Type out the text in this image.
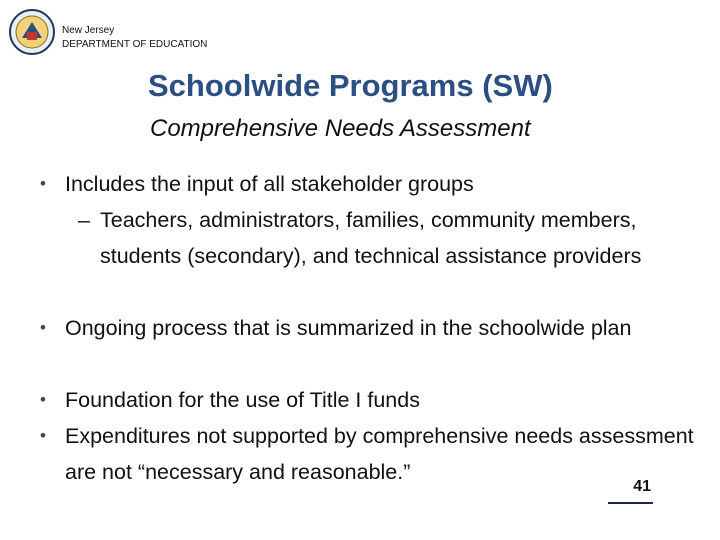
New Jersey
DEPARTMENT OF EDUCATION
Schoolwide Programs (SW)
Comprehensive Needs Assessment
• Includes the input of all stakeholder groups
– Teachers, administrators, families, community members, students (secondary), and technical assistance providers
• Ongoing process that is summarized in the schoolwide plan
• Foundation for the use of Title I funds
• Expenditures not supported by comprehensive needs assessment are not “necessary and reasonable.”
41
